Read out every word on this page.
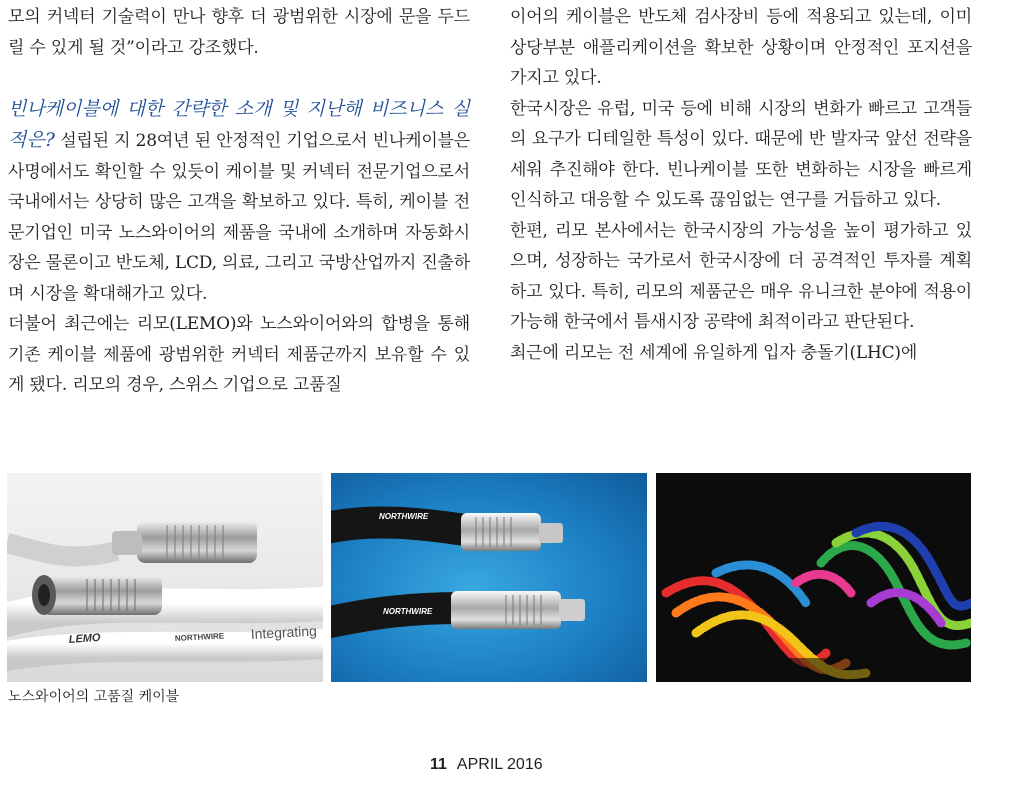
모의 커넥터 기술력이 만나 향후 더 광범위한 시장에 문을 두드릴 수 있게 될 것”이라고 강조했다.

빈나케이블에 대한 간략한 소개 및 지난해 비즈니스 실적은? 설립된 지 28여년 된 안정적인 기업으로서 빈나케이블은 사명에서도 확인할 수 있듯이 케이블 및 커넥터 전문기업으로서 국내에서는 상당히 많은 고객을 확보하고 있다. 특히, 케이블 전문기업인 미국 노스와이어의 제품을 국내에 소개하며 자동화시장은 물론이고 반도체, LCD, 의료, 그리고 국방산업까지 진출하며 시장을 확대해가고 있다.

더불어 최근에는 리모(LEMO)와 노스와이어와의 합병을 통해 기존 케이블 제품에 광범위한 커넥터 제품군까지 보유할 수 있게 됐다. 리모의 경우, 스위스 기업으로 고품질

이어의 케이블은 반도체 검사장비 등에 적용되고 있는데, 이미 상당부분 애플리케이션을 확보한 상황이며 안정적인 포지션을 가지고 있다.

한국시장은 유럽, 미국 등에 비해 시장의 변화가 빠르고 고객들의 요구가 디테일한 특성이 있다. 때문에 반 발자국 앞선 전략을 세워 추진해야 한다. 빈나케이블 또한 변화하는 시장을 빠르게 인식하고 대응할 수 있도록 끊임없는 연구를 거듭하고 있다.

한편, 리모 본사에서는 한국시장의 가능성을 높이 평가하고 있으며, 성장하는 국가로서 한국시장에 더 공격적인 투자를 계획하고 있다. 특히, 리모의 제품군은 매우 유니크한 분야에 적용이 가능해 한국에서 틈새시장 공략에 최적이라고 판단된다.

최근에 리모는 전 세계에 유일하게 입자 충돌기(LHC)에

LEMO	NORTHWIRE Integrating
NORTHWIRE
NORTHWIRE
노스와이어의 고품질 케이블
11 APRIL 2016
